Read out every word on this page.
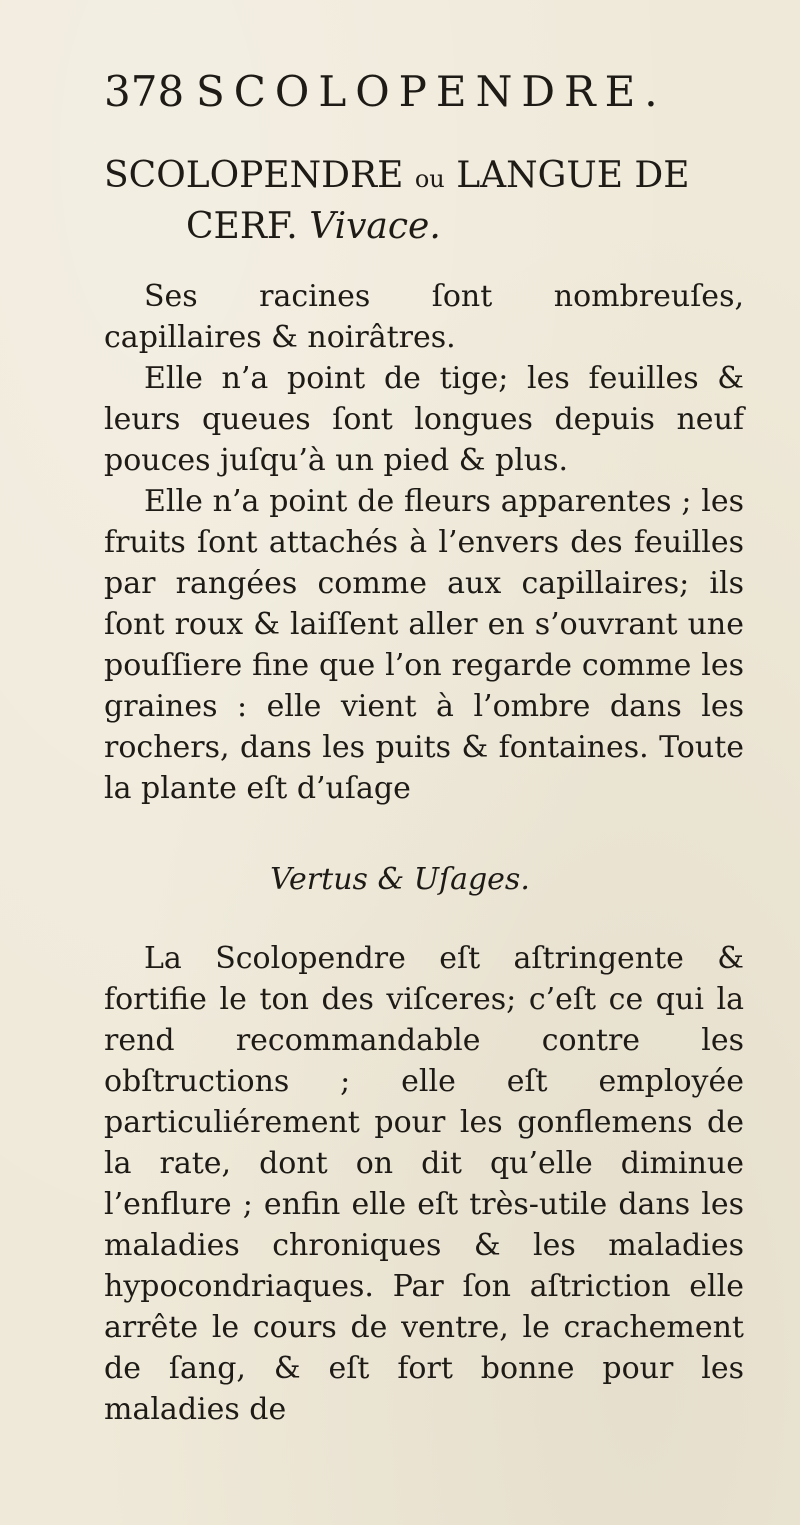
378 SCOLOPENDRE.
SCOLOPENDRE ou LANGUE DE
CERF. Vivace.

Ses racines ſont nombreuſes, capillaires & noirâtres.

Elle n’a point de tige; les feuilles & leurs queues ſont longues depuis neuf pouces juſqu’à un pied & plus.

Elle n’a point de fleurs apparentes ; les fruits ſont attachés à l’envers des feuilles par rangées comme aux capillaires; ils ſont roux & laiſſent aller en s’ouvrant une pouſſiere fine que l’on regarde comme les graines : elle vient à l’ombre dans les rochers, dans les puits & fontaines. Toute la plante eſt d’uſage

Vertus & Uſages.

La Scolopendre eſt aſtringente & fortifie le ton des viſceres; c’eſt ce qui la rend recommandable contre les obſtructions ; elle eſt employée particuliérement pour les gonflemens de la rate, dont on dit qu’elle diminue l’enflure ; enfin elle eſt très-utile dans les maladies chroniques & les maladies hypocondriaques. Par ſon aſtriction elle arrête le cours de ventre, le crachement de ſang, & eſt fort bonne pour les maladies de
